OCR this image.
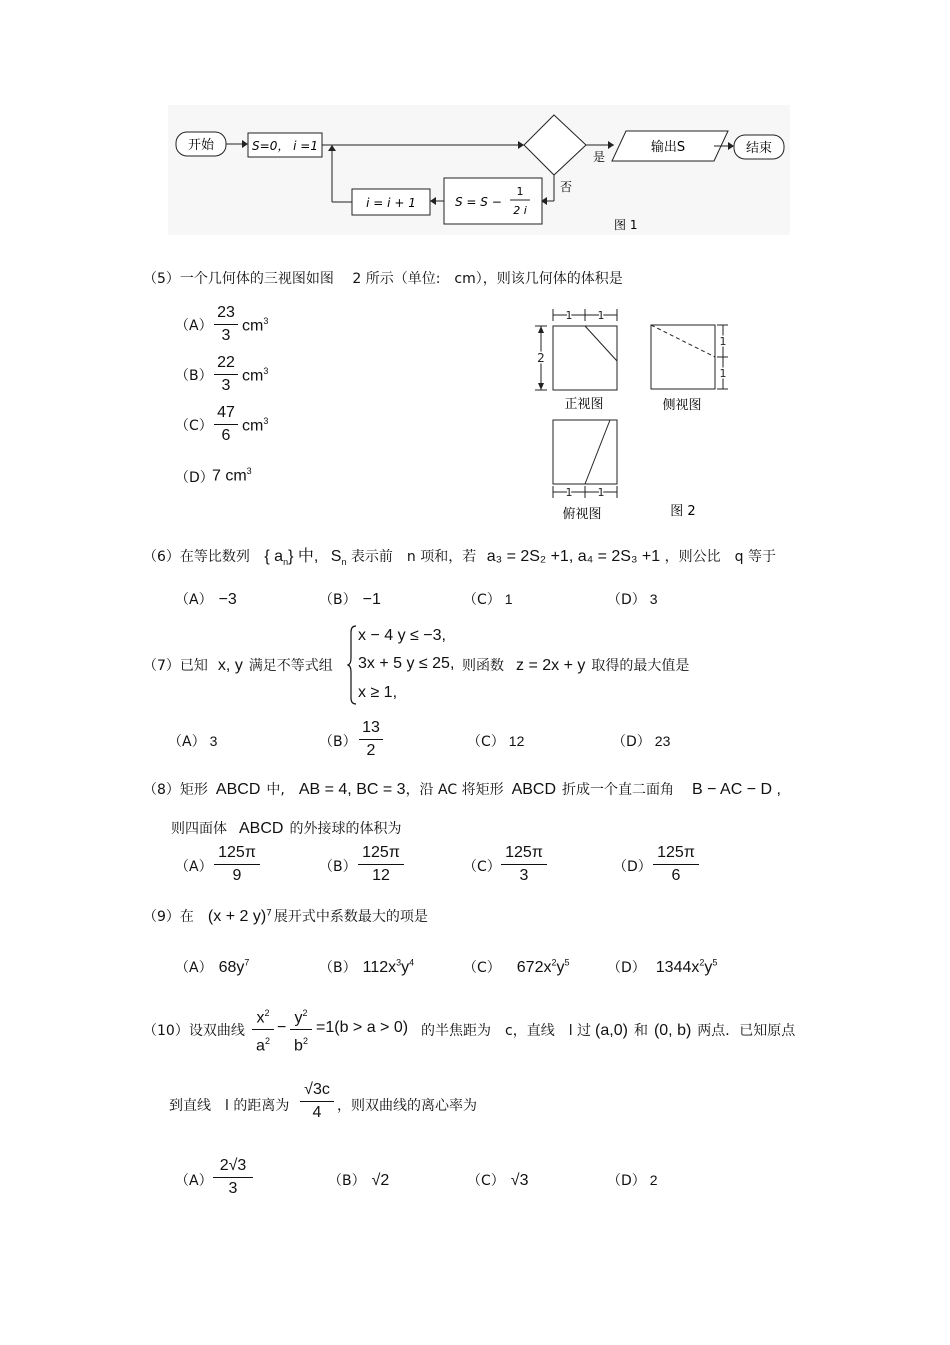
开始	S=0， i =1
是
输出S	结束
否
S = S −
1
2 i
i = i + 1
图 1
（5）一个几何体的三视图如图　 2 所示（单位:　cm），则该几何体的体积是
（A）
23
3
$cm^3$
（B）
22
3
$cm^3$
（C）
47
6
$cm^3$
（D）
7 $cm^3$
1 1
2
正视图
1
1
侧视图
1 1
俯视图	图 2
（6）在等比数列 { $a_n$} 中, $S_n$ 表示前　n 项和，若 a₃ = 2S₂ +1, a₄ = 2S₃ +1 ，则公比　q 等于
（A） −3	（B） −1	（C） 1	（D） 3
（7）已知 x, y 满足不等式组
x − 4 y ≤ −3,
3x + 5 y ≤ 25,
x ≥ 1,
则函数 z = 2x + y 取得的最大值是
（A） 3	（B）
13
2	（C） 12	（D） 23
（8）矩形 ABCD 中, AB = 4, BC = 3，沿 AC 将矩形 ABCD 折成一个直二面角 B − AC − D ,
则四面体 ABCD 的外接球的体积为
（A）
125π
9	（B）
125π
12	（C）
125π
3	（D）
125π
6
（9）在 (x + 2 y)$^7$ 展开式中系数最大的项是
（A） $68y^7$	（B） $112x^3y^4$	（C） $672x^2y^5$	（D） $1344x^2y^5$
（10）设双曲线
$x^2$
$a^2$
−
$y^2$
$b^2$
=1(b > a > 0) 的半焦距为　c，直线　l 过 (a,0) 和 (0, b) 两点．已知原点
到直线　l 的距离为
√3c
4	，则双曲线的离心率为
（A）
2√3
3	（B） √2	（C） √3	（D） 2
